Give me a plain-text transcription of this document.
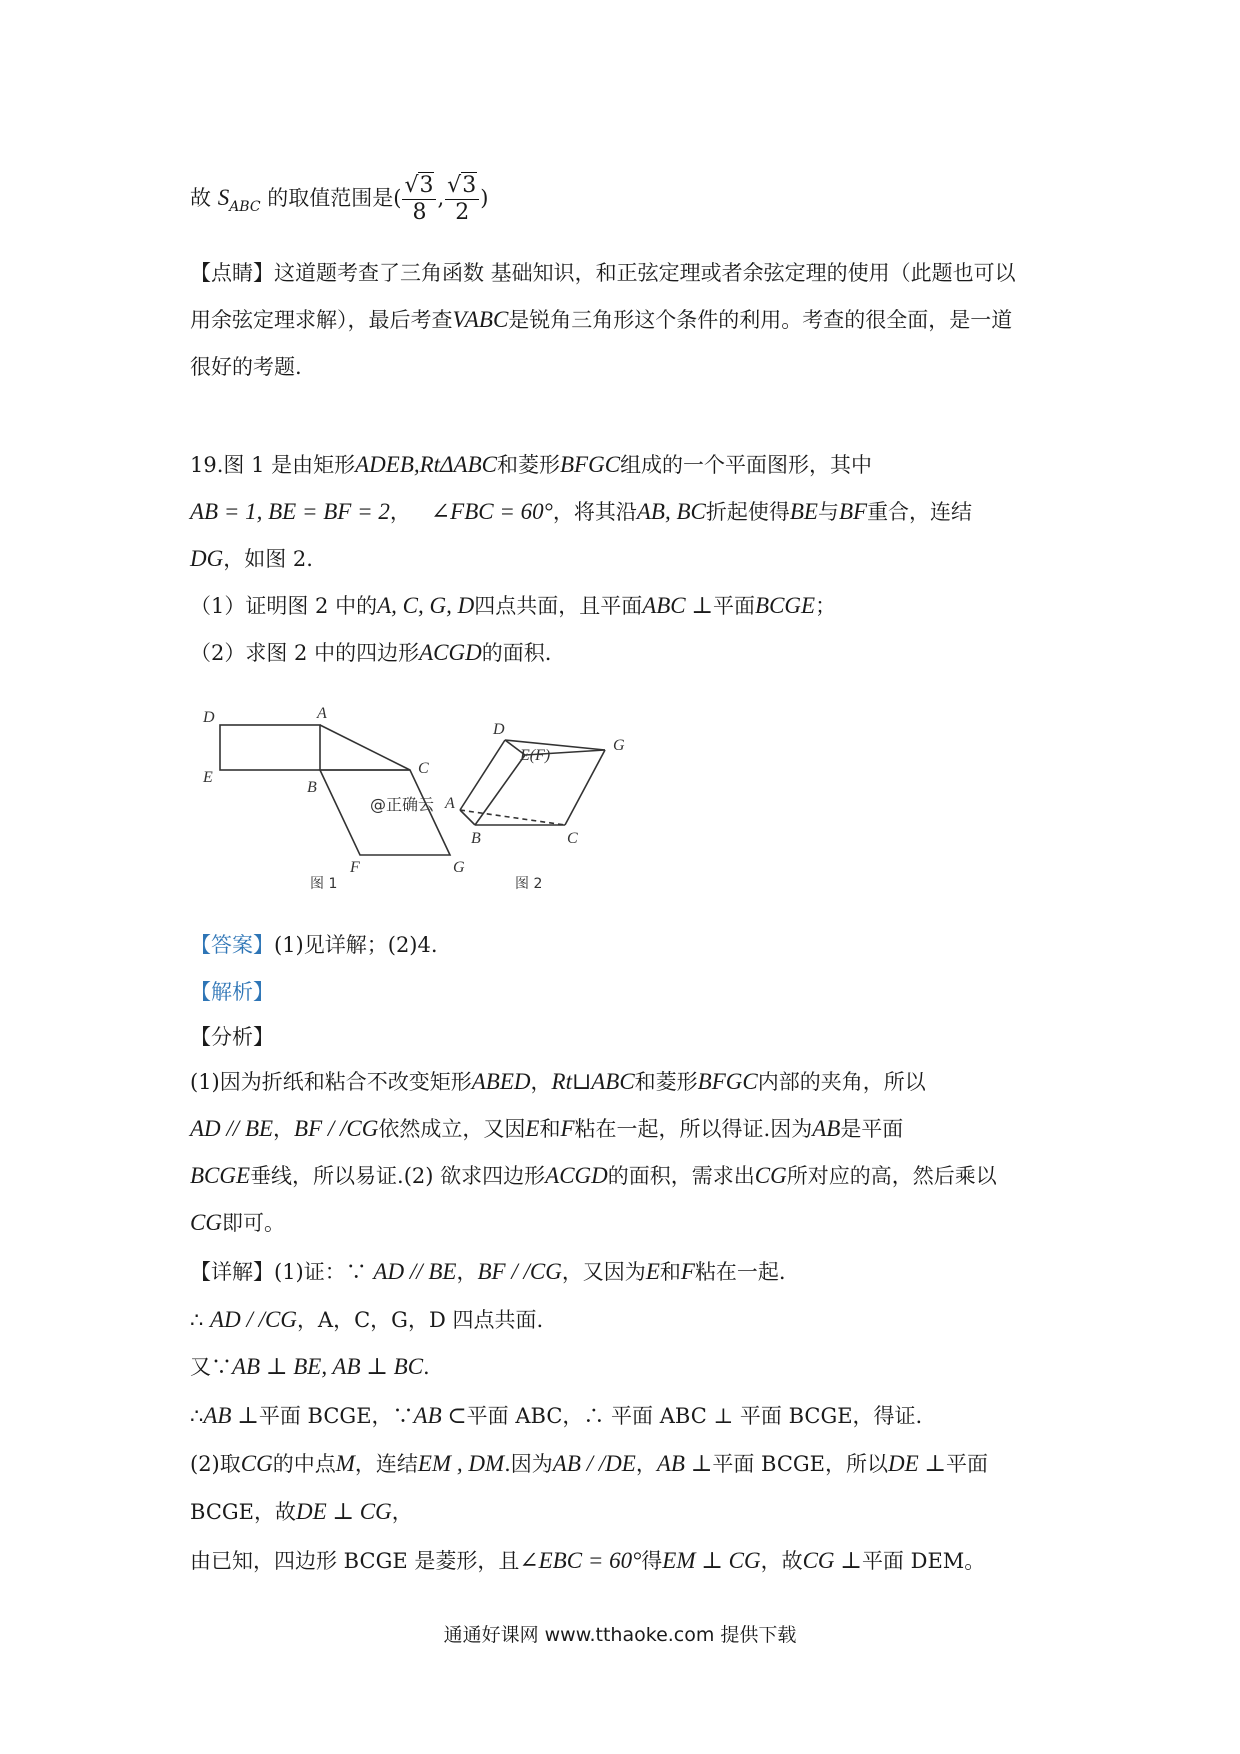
故 $S_{ABC}$ 的取值范围是( $\frac{√3}{8}$ , $\frac{√3}{2}$ )
【点睛】这道题考查了三角函数 基础知识，和正弦定理或者余弦定理的使用（此题也可以
用余弦定理求解），最后考查VABC是锐角三角形这个条件的利用。考查的很全面，是一道
很好的考题.
19.图 1 是由矩形ADEB,RtΔABC和菱形BFGC组成的一个平面图形，其中
AB = 1, BE = BF = 2，   ∠FBC = 60°，将其沿AB, BC折起使得BE与BF重合，连结
DG，如图 2.
（1）证明图 2 中的A, C, G, D四点共面，且平面ABC ⊥平面BCGE；
（2）求图 2 中的四边形ACGD的面积.
D	A
E
B
C
F	G
图 1
@正确云
D
E(F)
G
A
B	C
图 2
【答案】(1)见详解；(2)4.
【解析】
【分析】
(1)因为折纸和粘合不改变矩形ABED，Rt⊔ABC和菱形BFGC内部的夹角，所以
AD // BE，BF / /CG依然成立，又因E和F粘在一起，所以得证.因为AB是平面
BCGE垂线，所以易证.(2) 欲求四边形ACGD的面积，需求出CG所对应的高，然后乘以
CG即可。
【详解】(1)证：∵ AD // BE，BF / /CG，又因为E和F粘在一起.
∴ AD / /CG，A，C，G，D 四点共面.
又∵AB ⊥ BE, AB ⊥ BC.
∴AB ⊥平面 BCGE，∵AB ⊂平面 ABC，∴ 平面 ABC ⊥ 平面 BCGE，得证.
(2)取CG的中点M，连结EM , DM.因为AB / /DE，AB ⊥平面 BCGE，所以DE ⊥平面
BCGE，故DE ⊥ CG，
由已知，四边形 BCGE 是菱形，且∠EBC = 60°得EM ⊥ CG，故CG ⊥平面 DEM。
通通好课网 www.tthaoke.com 提供下载
